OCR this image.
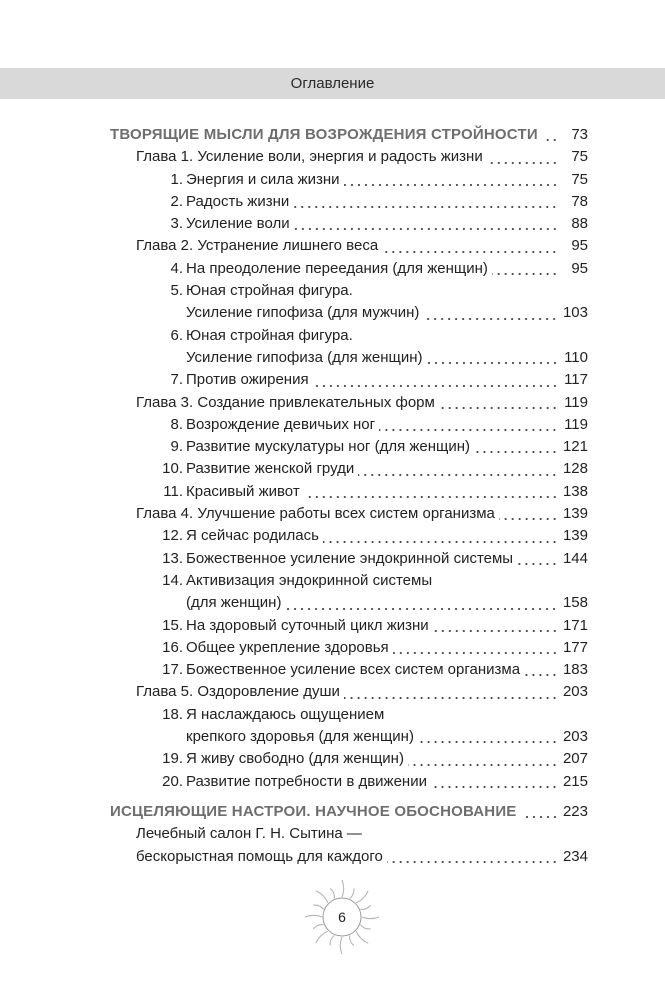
Оглавление
ТВОРЯЩИЕ МЫСЛИ ДЛЯ ВОЗРОЖДЕНИЯ СТРОЙНОСТИ	73
Глава 1. Усиление воли, энергия и радость жизни	75
1. Энергия и сила жизни	75
2. Радость жизни	78
3. Усиление воли	88
Глава 2. Устранение лишнего веса	95
4. На преодоление переедания (для женщин)	95
5. Юная стройная фигура.
Усиление гипофиза (для мужчин)	103
6. Юная стройная фигура.
Усиление гипофиза (для женщин)	110
7. Против ожирения	117
Глава 3. Создание привлекательных форм	119
8. Возрождение девичьих ног	119
9. Развитие мускулатуры ног (для женщин)	121
10. Развитие женской груди	128
11. Красивый живот	138
Глава 4. Улучшение работы всех систем организма	139
12. Я сейчас родилась	139
13. Божественное усиление эндокринной системы	144
14. Активизация эндокринной системы
(для женщин)	158
15. На здоровый суточный цикл жизни	171
16. Общее укрепление здоровья	177
17. Божественное усиление всех систем организма	183
Глава 5. Оздоровление души	203
18. Я наслаждаюсь ощущением
крепкого здоровья (для женщин)	203
19. Я живу свободно (для женщин)	207
20. Развитие потребности в движении	215
ИСЦЕЛЯЮЩИЕ НАСТРОИ. НАУЧНОЕ ОБОСНОВАНИЕ	223
Лечебный салон Г. Н. Сытина —
бескорыстная помощь для каждого	234
6
